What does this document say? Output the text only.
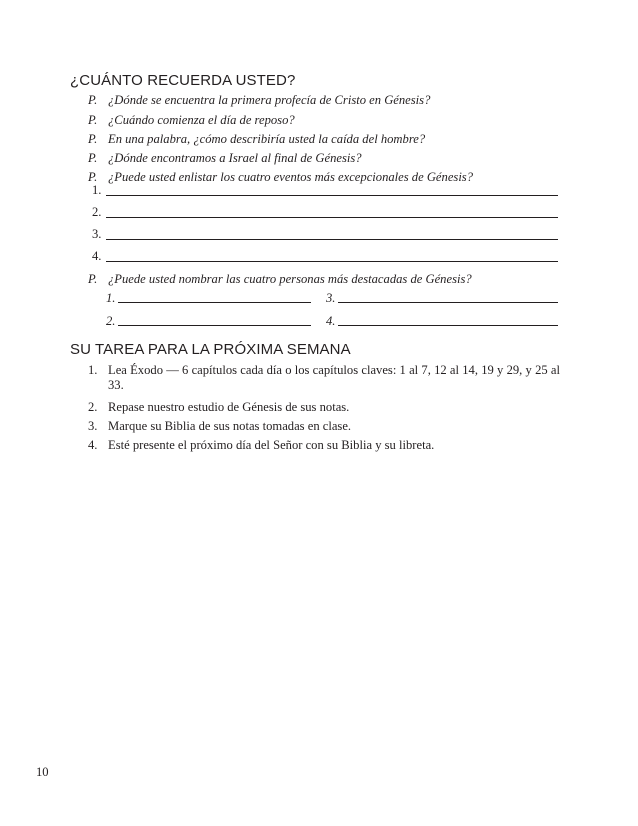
¿CUÁNTO RECUERDA USTED?
P. ¿Dónde se encuentra la primera profecía de Cristo en Génesis?
P. ¿Cuándo comienza el día de reposo?
P. En una palabra, ¿cómo describiría usted la caída del hombre?
P. ¿Dónde encontramos a Israel al final de Génesis?
P. ¿Puede usted enlistar los cuatro eventos más excepcionales de Génesis?
1.
2.
3.
4.
P. ¿Puede usted nombrar las cuatro personas más destacadas de Génesis?
1.	3.
2.	4.
SU TAREA PARA LA PRÓXIMA SEMANA
1. Lea Éxodo — 6 capítulos cada día o los capítulos claves: 1 al 7, 12 al 14, 19 y 29, y 25 al 33.
2. Repase nuestro estudio de Génesis de sus notas.
3. Marque su Biblia de sus notas tomadas en clase.
4. Esté presente el próximo día del Señor con su Biblia y su libreta.
10
